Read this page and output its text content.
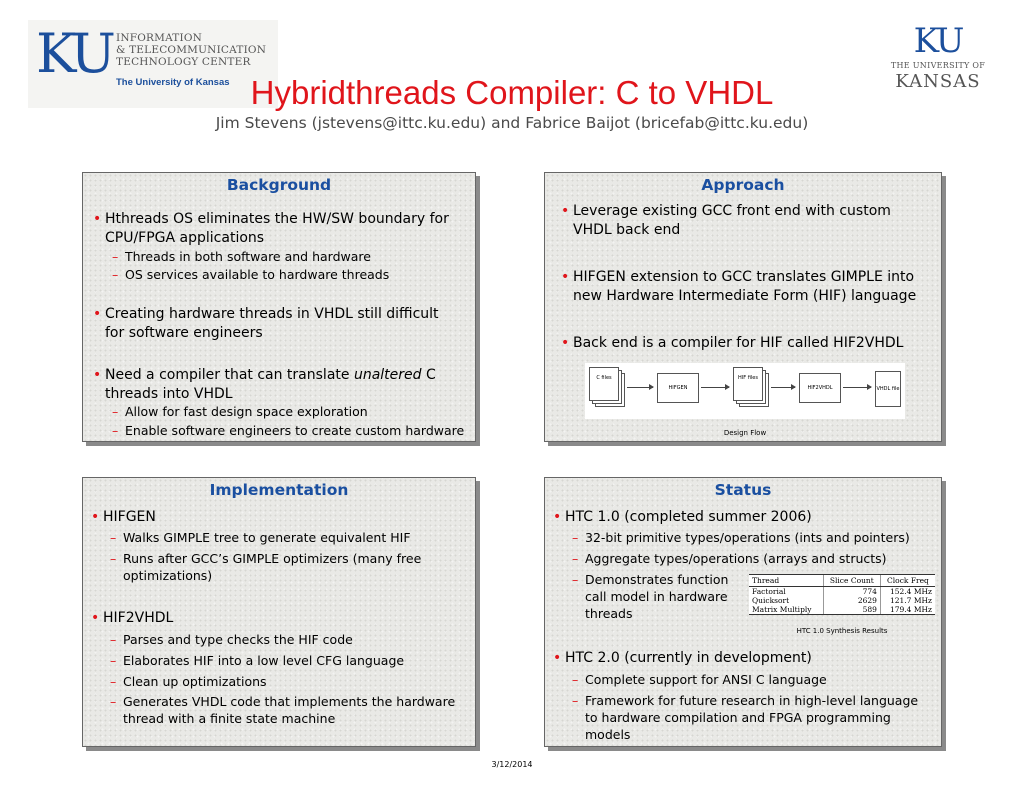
KU INFORMATION
& TELECOMMUNICATION
TECHNOLOGY CENTER
The University of Kansas
KU
THE UNIVERSITY OF
KANSAS
Hybridthreads Compiler: C to VHDL
Jim Stevens (jstevens@ittc.ku.edu) and Fabrice Baijot (bricefab@ittc.ku.edu)
Background
• Hthreads OS eliminates the HW/SW boundary for
CPU/FPGA applications
– Threads in both software and hardware
– OS services available to hardware threads
• Creating hardware threads in VHDL still difficult
for software engineers
• Need a compiler that can translate unaltered C
threads into VHDL
– Allow for fast design space exploration
– Enable software engineers to create custom hardware
Approach
• Leverage existing GCC front end with custom
VHDL back end
• HIFGEN extension to GCC translates GIMPLE into
new Hardware Intermediate Form (HIF) language
• Back end is a compiler for HIF called HIF2VHDL
C files
HIFGEN
HIF files
HIF2VHDL	VHDL file
Design Flow
Implementation
• HIFGEN
– Walks GIMPLE tree to generate equivalent HIF
– Runs after GCC’s GIMPLE optimizers (many free
optimizations)
• HIF2VHDL
– Parses and type checks the HIF code
– Elaborates HIF into a low level CFG language
– Clean up optimizations
– Generates VHDL code that implements the hardware
thread with a finite state machine
Status
• HTC 1.0 (completed summer 2006)
– 32-bit primitive types/operations (ints and pointers)
– Aggregate types/operations (arrays and structs)
– Demonstrates function
call model in hardware
threads
Thread	Slice Count	Clock Freq
Factorial	774	152.4 MHz
Quicksort	2629	121.7 MHz
Matrix Multiply	589	179.4 MHz
HTC 1.0 Synthesis Results
• HTC 2.0 (currently in development)
– Complete support for ANSI C language
– Framework for future research in high-level language
to hardware compilation and FPGA programming
models
3/12/2014
